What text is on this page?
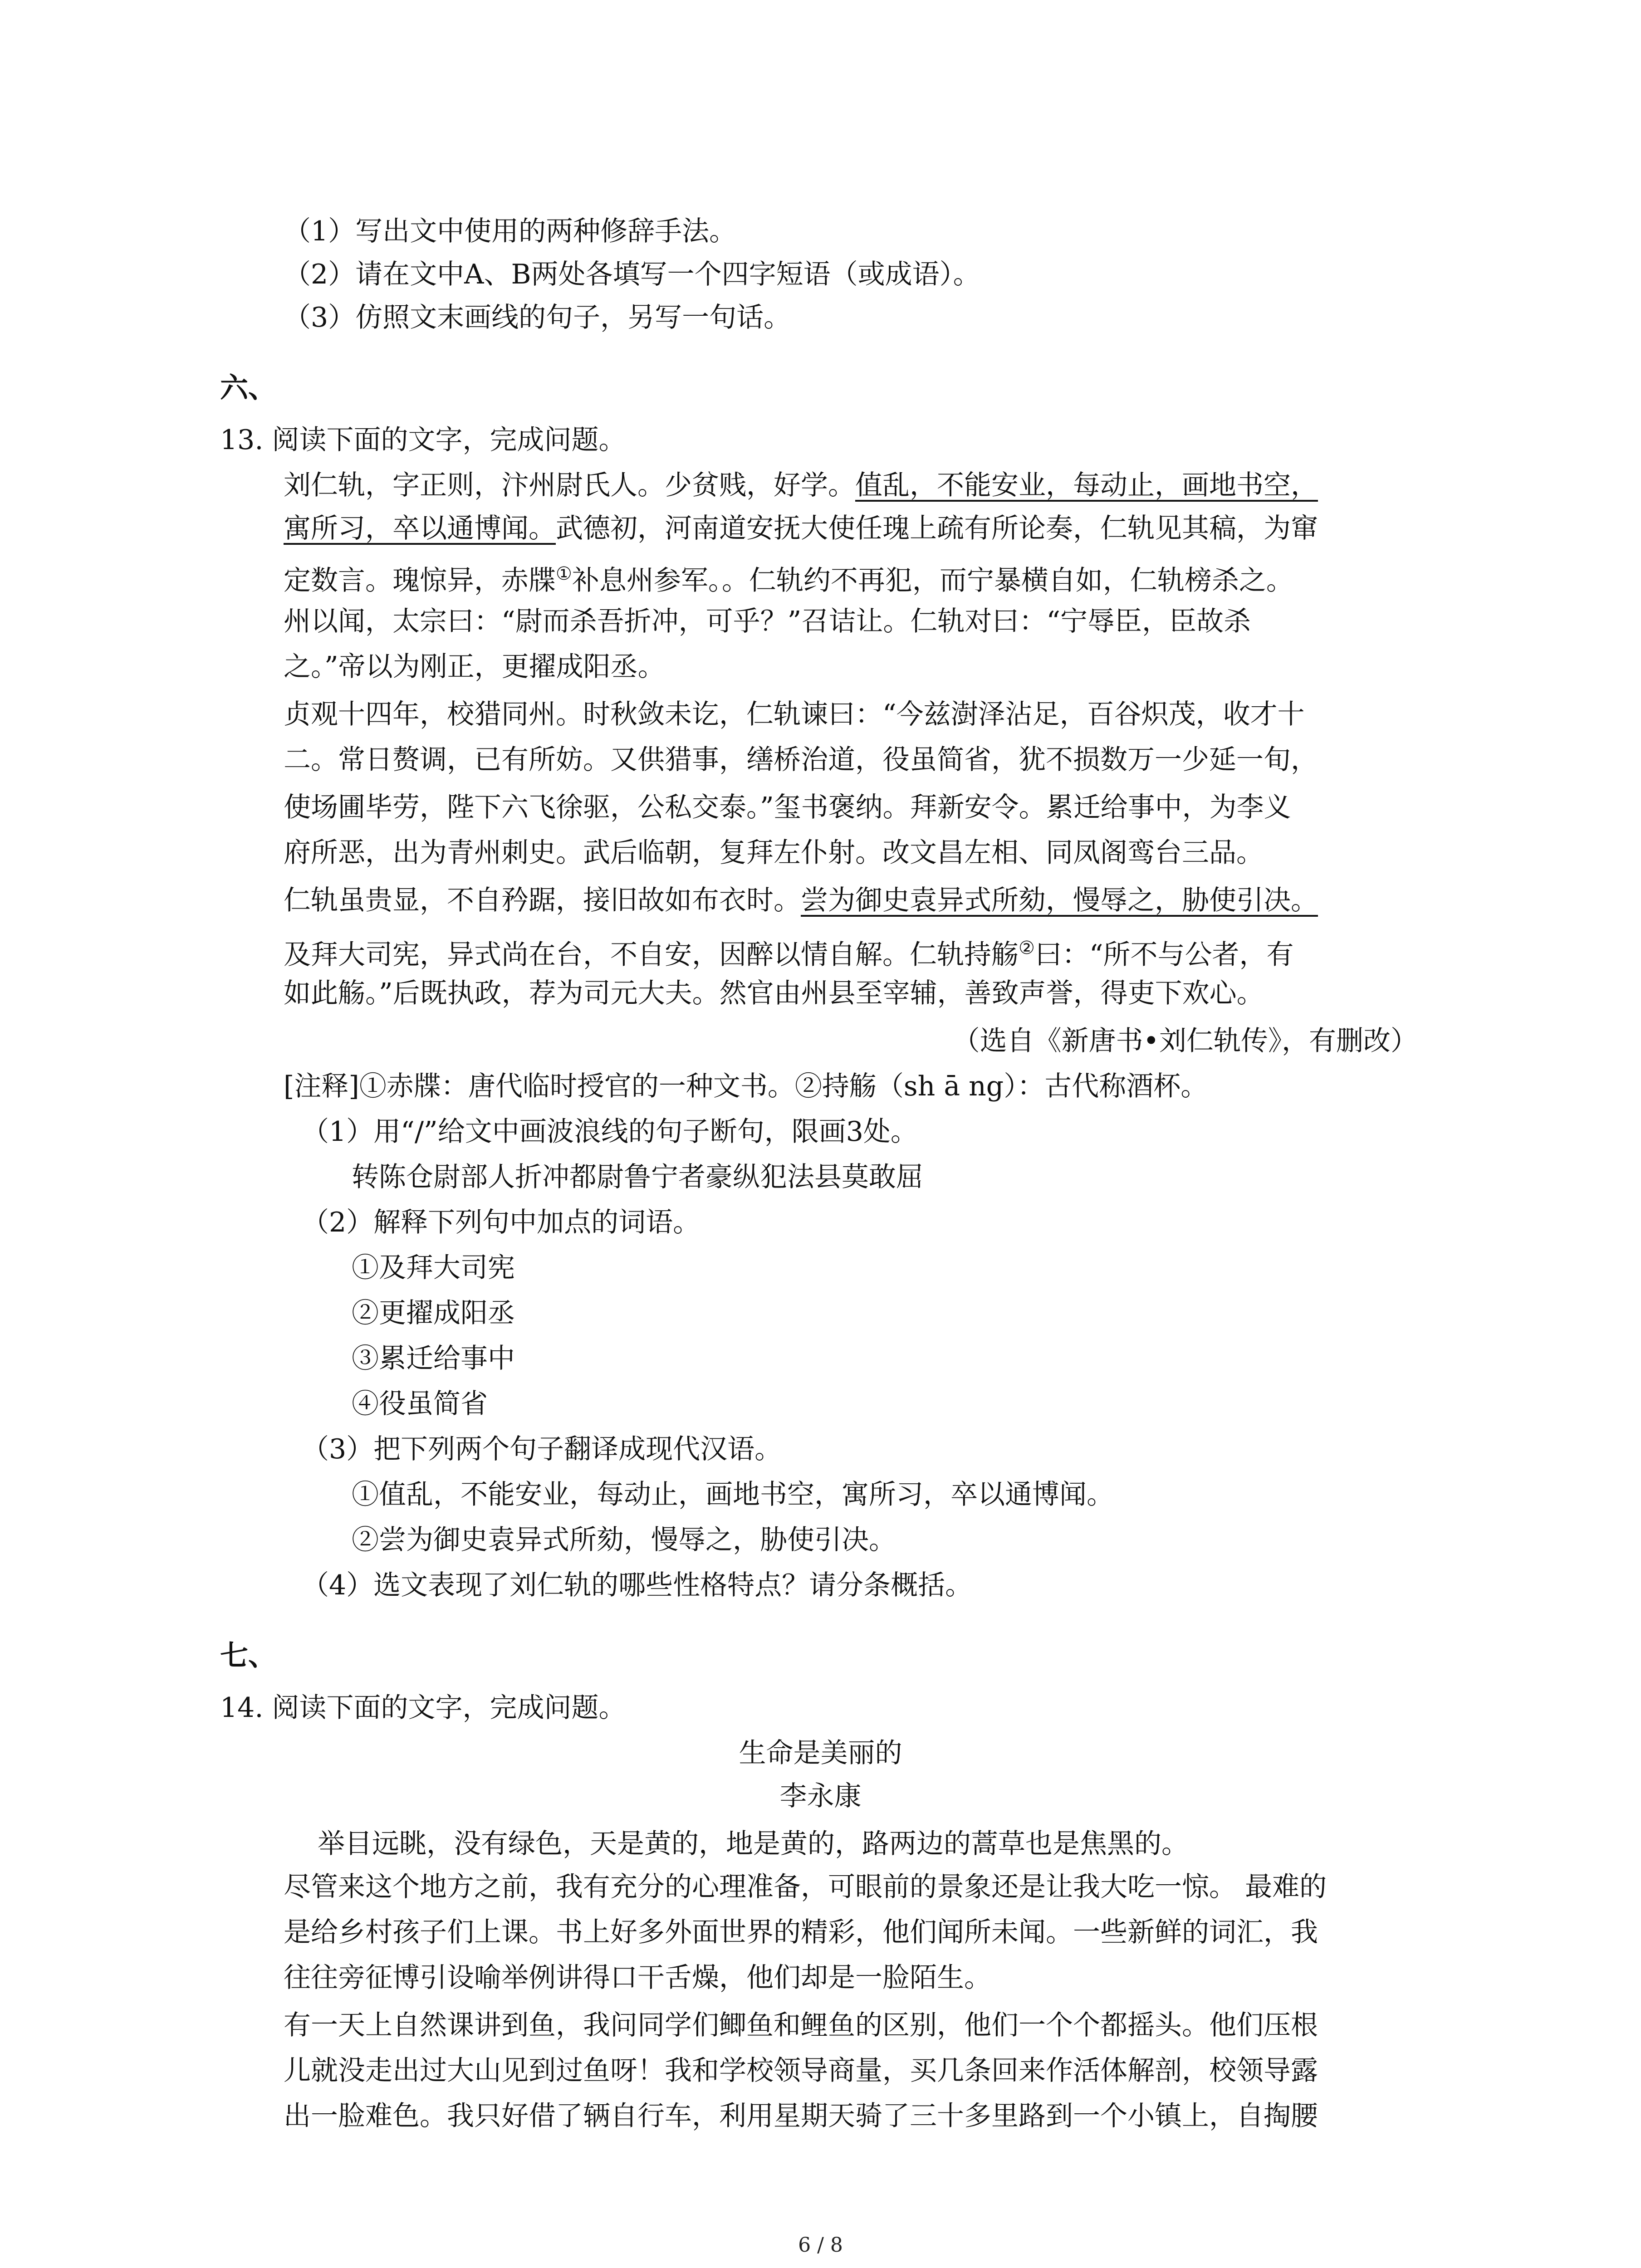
（1）写出文中使用的两种修辞手法。
（2）请在文中A、B两处各填写一个四字短语（或成语）。
（3）仿照文末画线的句子，另写一句话。
六、
13. 阅读下面的文字，完成问题。
刘仁轨，字正则，汴州尉氏人。少贫贱，好学。值乱，不能安业，每动止，画地书空，
寓所习，卒以通博闻。武德初，河南道安抚大使任瑰上疏有所论奏，仁轨见其稿，为窜
定数言。瑰惊异，赤牒①补息州参军。。仁轨约不再犯，而宁暴横自如，仁轨榜杀之。
州以闻，太宗曰：“尉而杀吾折冲，可乎？”召诘让。仁轨对曰：“宁辱臣，臣故杀
之。”帝以为刚正，更擢成阳丞。
贞观十四年，校猎同州。时秋敛未讫，仁轨谏曰：“今兹澍泽沾足，百谷炽茂，收才十
二。常日赘调，已有所妨。又供猎事，缮桥治道，役虽简省，犹不损数万一少延一旬，
使场圃毕劳，陛下六飞徐驱，公私交泰。”玺书褒纳。拜新安令。累迁给事中，为李义
府所恶，出为青州刺史。武后临朝，复拜左仆射。改文昌左相、同凤阁鸾台三品。
仁轨虽贵显，不自矜踞，接旧故如布衣时。尝为御史袁异式所劾，慢辱之，胁使引决。
及拜大司宪，异式尚在台，不自安，因醉以情自解。仁轨持觞②曰：“所不与公者，有
如此觞。”后既执政，荐为司元大夫。然官由州县至宰辅，善致声誉，得吏下欢心。
（选自《新唐书•刘仁轨传》，有删改）
[注释]①赤牒：唐代临时授官的一种文书。②持觞（sh ā ng）：古代称酒杯。
（1）用“/”给文中画波浪线的句子断句，限画3处。
转陈仓尉部人折冲都尉鲁宁者豪纵犯法县莫敢屈
（2）解释下列句中加点的词语。
①及拜大司宪
②更擢成阳丞
③累迁给事中
④役虽简省
（3）把下列两个句子翻译成现代汉语。
①值乱，不能安业，每动止，画地书空，寓所习，卒以通博闻。
②尝为御史袁异式所劾，慢辱之，胁使引决。
（4）选文表现了刘仁轨的哪些性格特点？请分条概括。
七、
14. 阅读下面的文字，完成问题。
生命是美丽的
李永康
举目远眺，没有绿色，天是黄的，地是黄的，路两边的蒿草也是焦黑的。
尽管来这个地方之前，我有充分的心理准备，可眼前的景象还是让我大吃一惊。 最难的
是给乡村孩子们上课。书上好多外面世界的精彩，他们闻所未闻。一些新鲜的词汇，我
往往旁征博引设喻举例讲得口干舌燥，他们却是一脸陌生。
有一天上自然课讲到鱼，我问同学们鲫鱼和鲤鱼的区别，他们一个个都摇头。他们压根
儿就没走出过大山见到过鱼呀！我和学校领导商量，买几条回来作活体解剖，校领导露
出一脸难色。我只好借了辆自行车，利用星期天骑了三十多里路到一个小镇上，自掏腰
6 / 8
